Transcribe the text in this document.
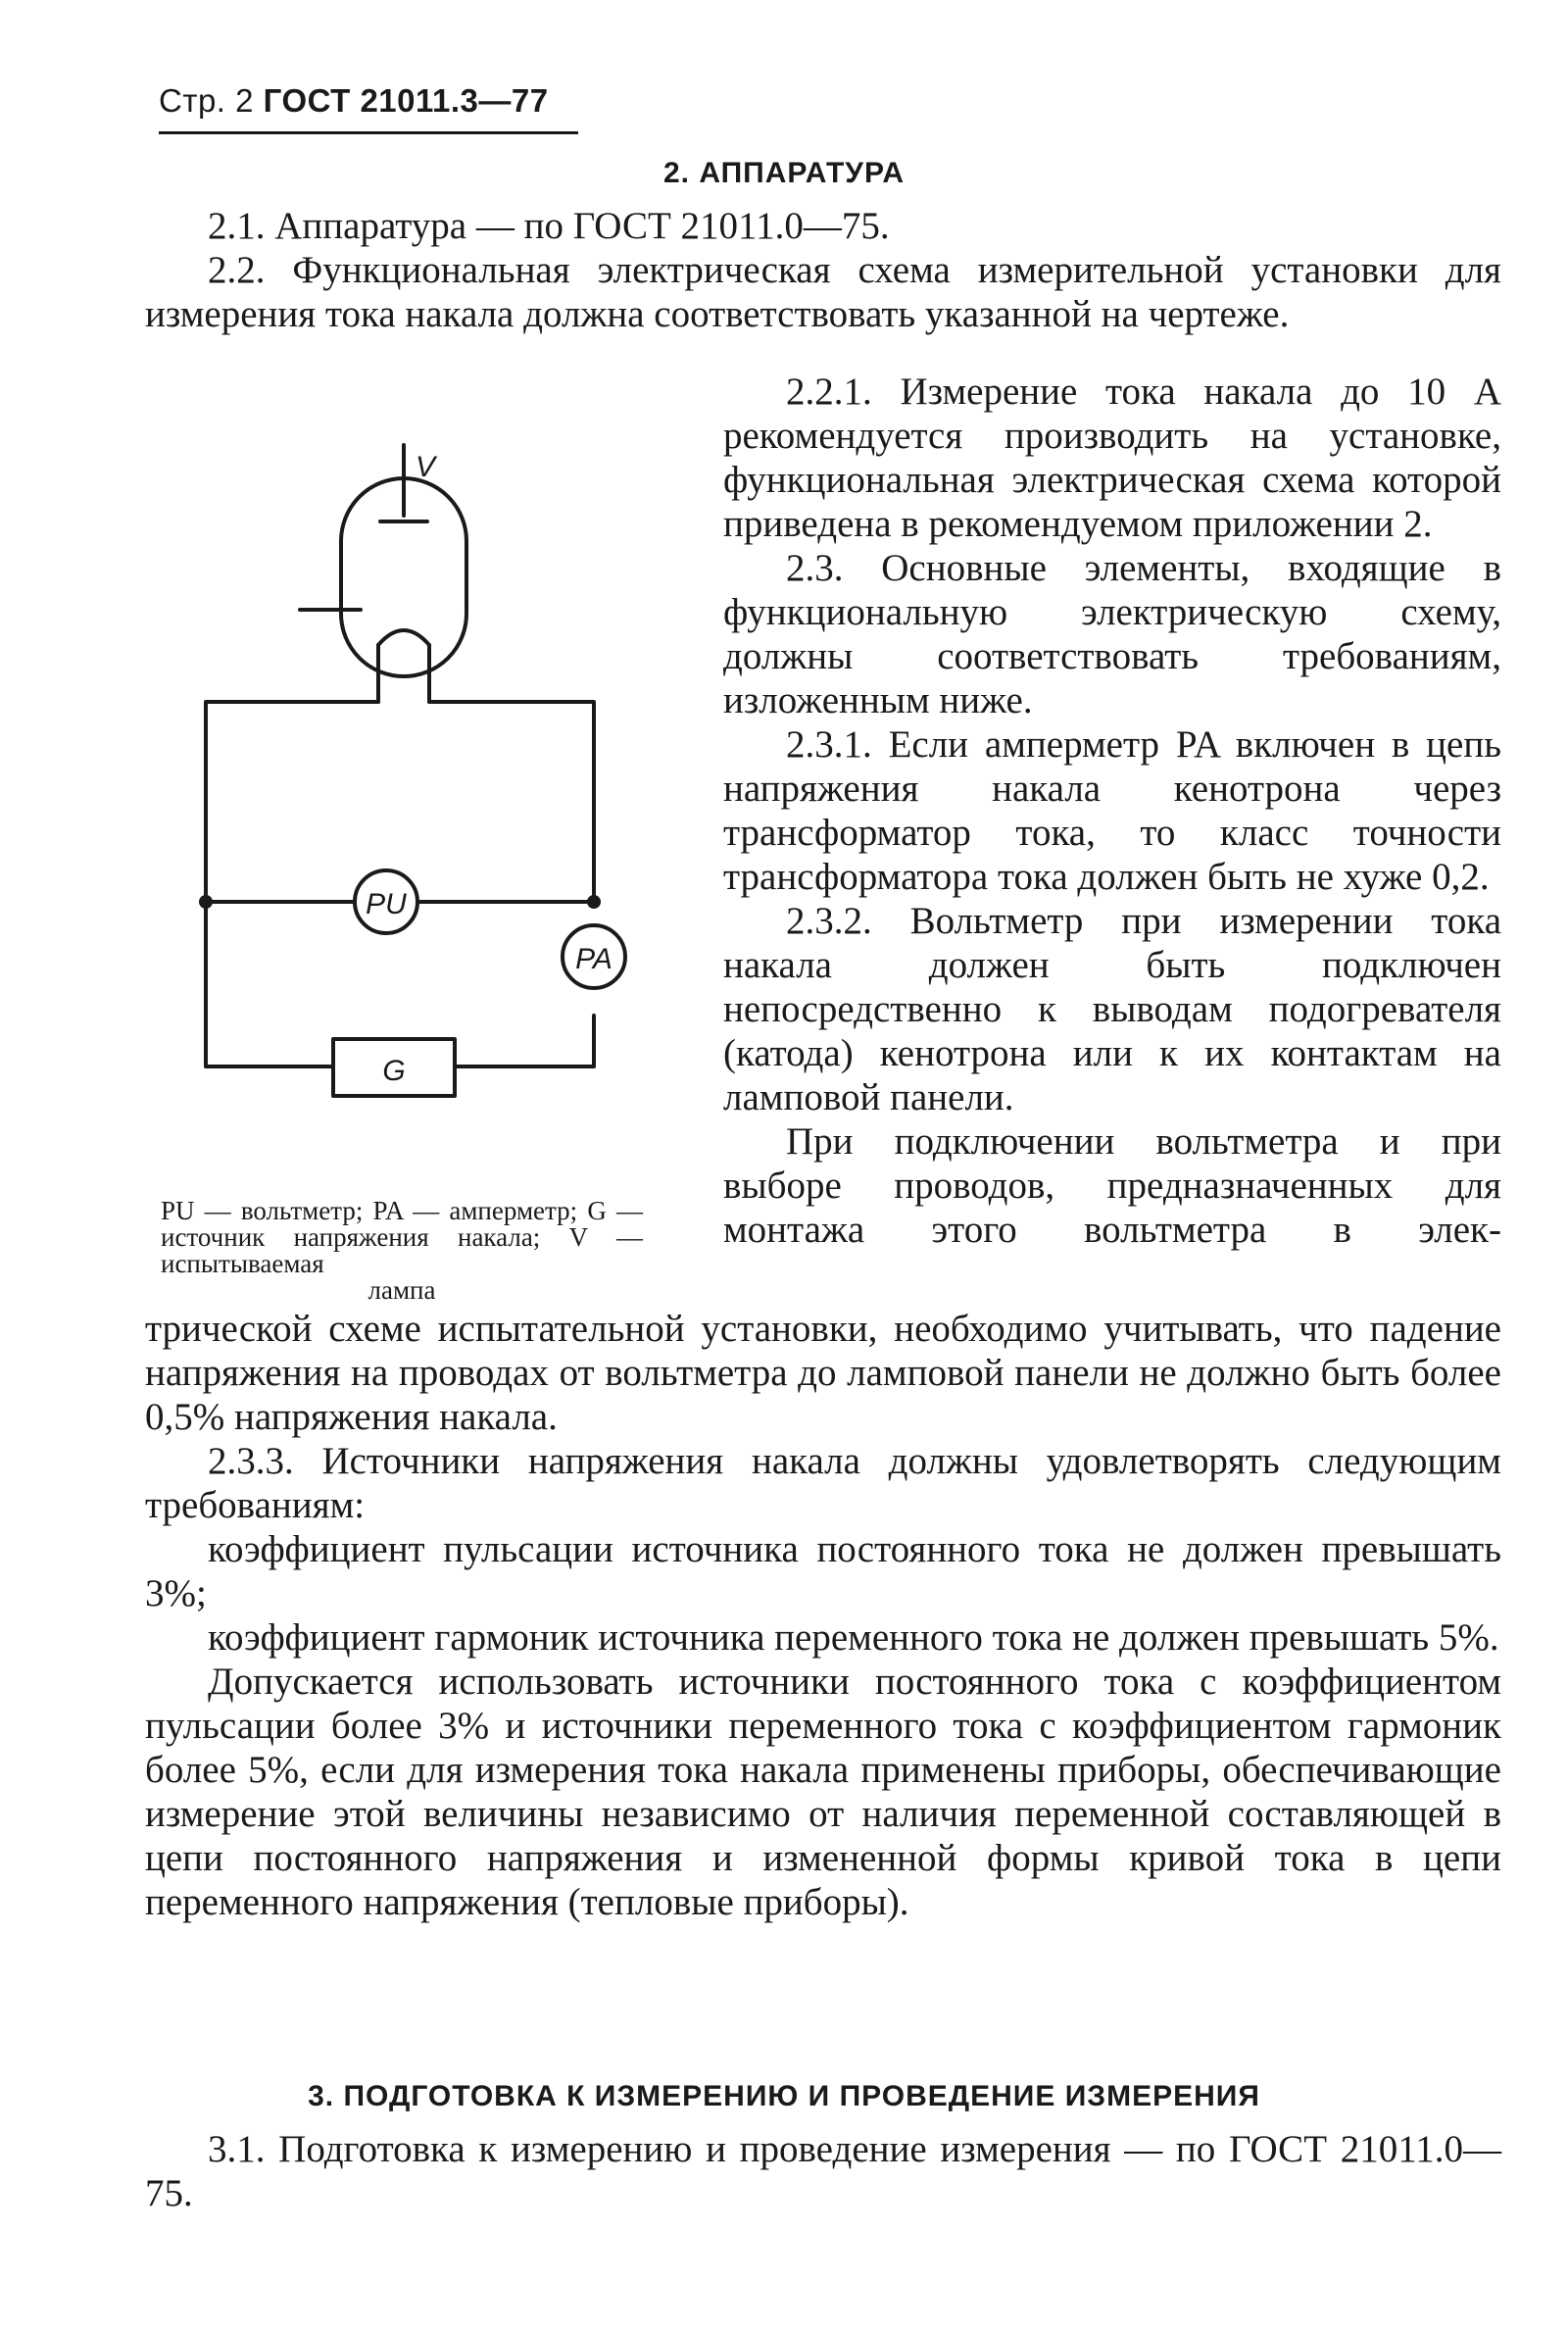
Стр. 2 ГОСТ 21011.3—77
2. АППАРАТУРА

2.1. Аппаратура — по ГОСТ 21011.0—75.

2.2. Функциональная электрическая схема измерительной установки для измерения тока накала должна соответствовать указанной на чертеже.

2.2.1. Измерение тока накала до 10 А рекомендуется производить на установке, функциональная электрическая схема которой приведена в рекомендуемом приложении 2.

2.3. Основные элементы, входящие в функциональную электрическую схему, должны соответствовать требованиям, изложенным ниже.

2.3.1. Если амперметр PA включен в цепь напряжения накала кенотрона через трансформатор тока, то класс точности трансформатора тока должен быть не хуже 0,2.

2.3.2. Вольтметр при измерении тока накала должен быть подключен непосредственно к выводам подогревателя (катода) кенотрона или к их контактам на ламповой панели.

При подключении вольтметра и при выборе проводов, предназначенных для монтажа этого вольтметра в элек-

V
PU
PA
G
PU — вольтметр; PA — амперметр; G — источник напряжения накала; V — испытываемая
лампа

трической схеме испытательной установки, необходимо учитывать, что падение напряжения на проводах от вольтметра до ламповой панели не должно быть более 0,5% напряжения накала.

2.3.3. Источники напряжения накала должны удовлетворять следующим требованиям:

коэффициент пульсации источника постоянного тока не должен превышать 3%;

коэффициент гармоник источника переменного тока не должен превышать 5%.

Допускается использовать источники постоянного тока с коэффициентом пульсации более 3% и источники переменного тока с коэффициентом гармоник более 5%, если для измерения тока накала применены приборы, обеспечивающие измерение этой величины независимо от наличия переменной составляющей в цепи постоянного напряжения и измененной формы кривой тока в цепи переменного напряжения (тепловые приборы).

3. ПОДГОТОВКА К ИЗМЕРЕНИЮ И ПРОВЕДЕНИЕ ИЗМЕРЕНИЯ

3.1. Подготовка к измерению и проведение измерения — по ГОСТ 21011.0—75.
